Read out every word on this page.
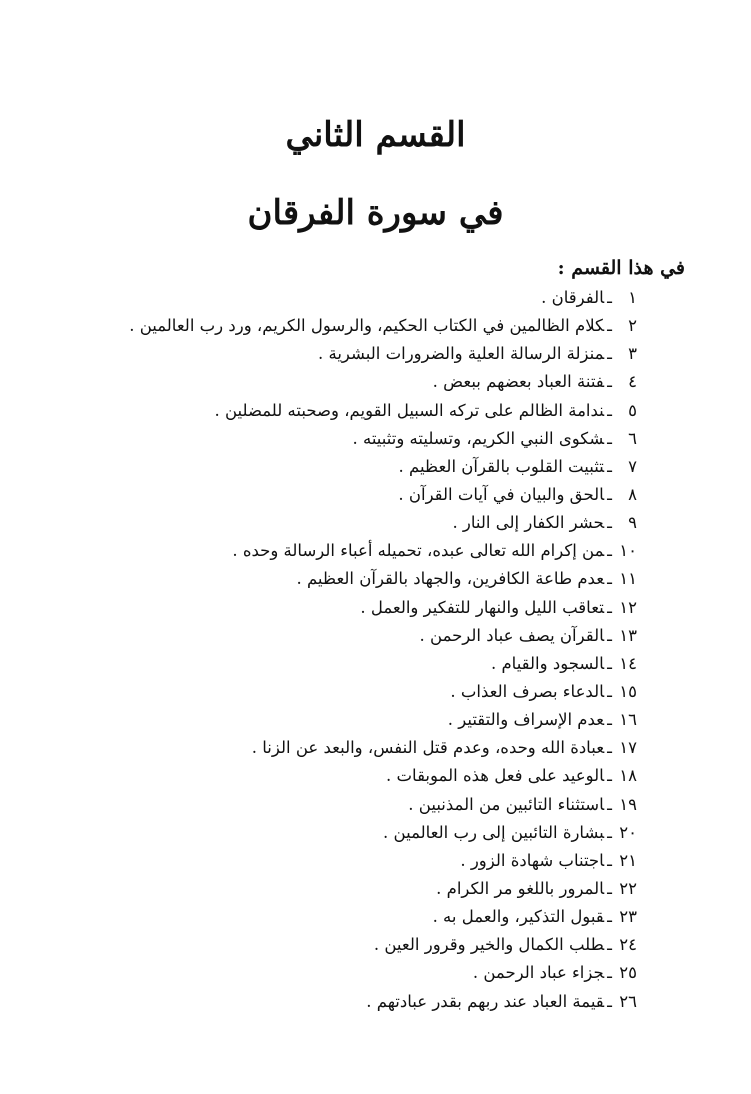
القسم الثاني
في سورة الفرقان

في هذا القسم :

١ـالفرقان .
٢ـكلام الظالمين في الكتاب الحكيم، والرسول الكريم، ورد رب العالمين .
٣ـمنزلة الرسالة العلية والضرورات البشرية .
٤ـفتنة العباد بعضهم ببعض .
٥ـندامة الظالم على تركه السبيل القويم، وصحبته للمضلين .
٦ـشكوى النبي الكريم، وتسليته وتثبيته .
٧ـتثبيت القلوب بالقرآن العظيم .
٨ـالحق والبيان في آيات القرآن .
٩ـحشر الكفار إلى النار .
١٠ـمن إكرام الله تعالى عبده، تحميله أعباء الرسالة وحده .
١١ـعدم طاعة الكافرين، والجهاد بالقرآن العظيم .
١٢ـتعاقب الليل والنهار للتفكير والعمل .
١٣ـالقرآن يصف عباد الرحمن .
١٤ـالسجود والقيام .
١٥ـالدعاء بصرف العذاب .
١٦ـعدم الإسراف والتقتير .
١٧ـعبادة الله وحده، وعدم قتل النفس، والبعد عن الزنا .
١٨ـالوعيد على فعل هذه الموبقات .
١٩ـاستثناء التائبين من المذنبين .
٢٠ـبشارة التائبين إلى رب العالمين .
٢١ـاجتناب شهادة الزور .
٢٢ـالمرور باللغو مر الكرام .
٢٣ـقبول التذكير، والعمل به .
٢٤ـطلب الكمال والخير وقرور العين .
٢٥ـجزاء عباد الرحمن .
٢٦ـقيمة العباد عند ربهم بقدر عبادتهم .
